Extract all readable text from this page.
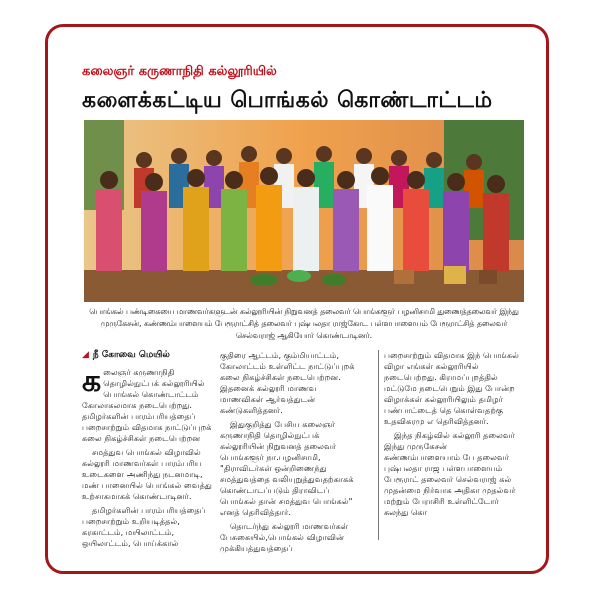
கலைஞர் கருணாநிதி கல்லூரியில்
களைக்கட்டிய பொங்கல் கொண்டாட்டம்
பொங்கல் பண்டிகையை மாணவர்களுடன் கல்லூரியின் நிறுவனத் தலைவர் பொங்களூர் பழனிசாமி துணைத்தலைவர் இந்து முருகேசன், கண்ணம்பாளையம் பேரூராட்சித் தலைவர் புஷ்பலதா ராஜ்கோட பள்ளபாளையம் பேரூராட்சித் தலைவர் செல்வராஜ் ஆகியோர் கொண்டாடினர்.
◢ நீ கோவை மெயில்

கலைஞர் கருணாநிதி தொழில்நுட்பக் கல்லூரியில் பொங்கல் கொண்டாட்டம் கோலாகலமாக நடைபெற்றது. தமிழர்களின் பாரம்பரியத்தைப் பறைசாற்றும் விதமாக நாட்டுப்புறக் கலை நிகழ்ச்சிகள் நடைபெற்றன

சமத்துவ பொங்கல் விழாவில் கல்லூரி மாணவர்கள் பாரம்பரிய உடைகளை அணிந்து நடனமாடி, மண் பானையில் பொங்கல் வைத்து உற்சாகமாகக் கொண்டாடினர்.

தமிழர்களின் பாரம்பரியத்தைப் பறைசாற்றும் உறியடித்தல், கரகாட்டம், மயிலாட்டம், ஒயிலாட்டம், பொய்க்கால்

குதிரை ஆட்டம், கும்மியாட்டம், கோலாட்டம் உள்ளிட்ட நாட்டுப்புறக் கலை நிகழ்ச்சிகள் நடைபெற்றன. இதனைக் கல்லூரி மாணவ மாணவிகள் ஆர்வத்துடன் கண்டுகளித்தனர்.

இதுகுறித்து பேசிய கலைஞர் கருணாநிதி தொழில்நுட்பக் கல்லூரியின் நிறுவனத் தலைவர் பொங்களூர் நா.பழனிசாமி, "திராவிடர்கள் ஒன்றிணைந்து சமத்துவத்தை வலியுறுத்துவதற்காகக் கொண்டாடப்படும் திராவிடப் பொங்கல் தான் சமத்துவ பொங்கல்" எனத் தெரிவித்தார்.

தொடர்ந்து கல்லூரி மாணவர்கள் பேசுகையில்,பொங்கல் விழாவின் முக்கியத்துவத்தைப்

பறைசாற்றும் விதமாக இந் பொங்கல் விழா எங்கள் கல்லூரியில் நடைபெற்றது. கிராமப்புறத்தில் மட்டுமே நடைபெறும் இது போன்ற விழாக்கள் கல்லூரியிலும் தமிழர் பண்பாட்டைத் தெ கொள்வதற்கு உதவிகரமு எ தெரிவித்தனர்.

இந்த நிகழ்வில் கல்லூரி தலைவர் இந்து முருகேசன் கண்ணம்பாளையாம் பே தலைவர் புஷ்பலதா ராஜ பள்ளபாளையம் பேரூராட் தலைவர் செல்வராஜ் கல் முதன்மை நிர்வாக அதிகா முதல்வர் மற்றும் பேராசிரி உள்ளிட்டோர் கலந்து கொ
